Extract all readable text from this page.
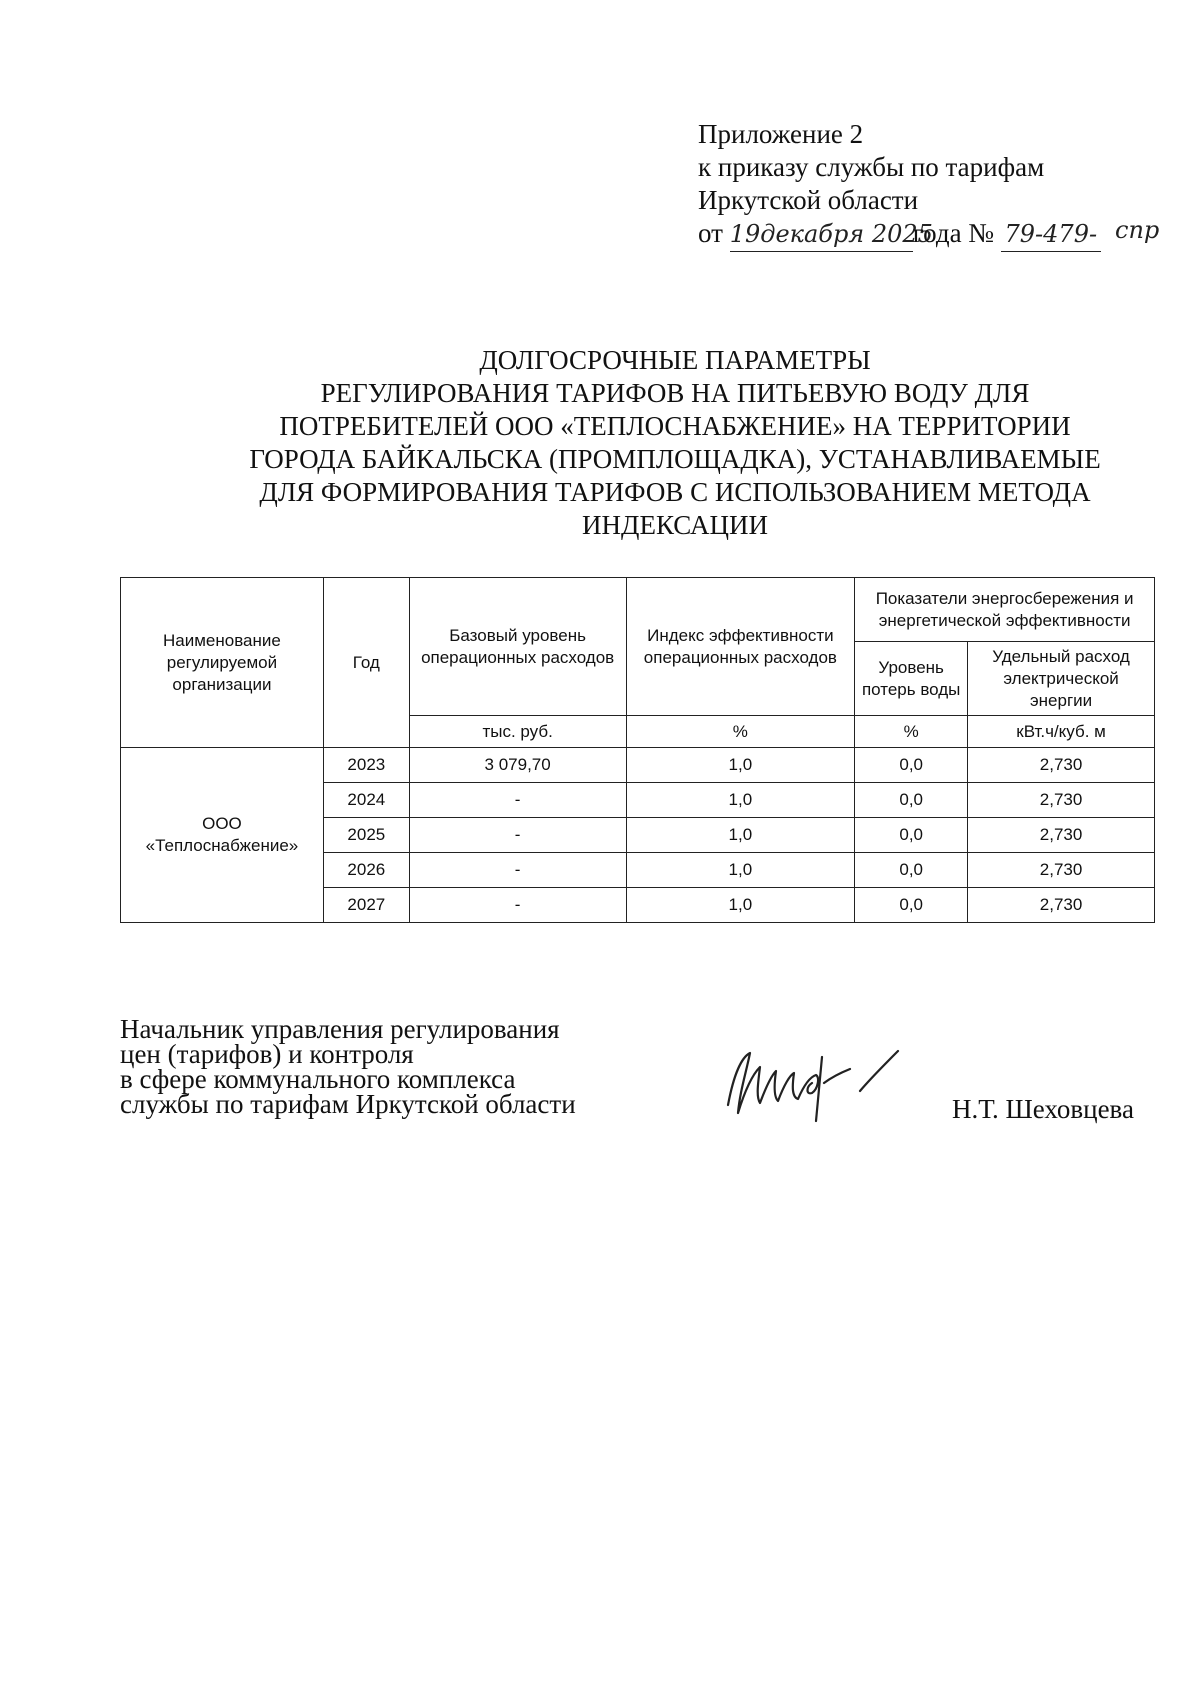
Приложение 2
к приказу службы по тарифам
Иркутской области
от 19декабря 2025года № 79-479- спр
ДОЛГОСРОЧНЫЕ ПАРАМЕТРЫ
РЕГУЛИРОВАНИЯ ТАРИФОВ НА ПИТЬЕВУЮ ВОДУ ДЛЯ
ПОТРЕБИТЕЛЕЙ ООО «ТЕПЛОСНАБЖЕНИЕ» НА ТЕРРИТОРИИ
ГОРОДА БАЙКАЛЬСКА (ПРОМПЛОЩАДКА), УСТАНАВЛИВАЕМЫЕ
ДЛЯ ФОРМИРОВАНИЯ ТАРИФОВ С ИСПОЛЬЗОВАНИЕМ МЕТОДА
ИНДЕКСАЦИИ
Наименование регулируемой организации	Год	Базовый уровень операционных расходов	Индекс эффективности операционных расходов	Показатели энергосбережения и энергетической эффективности	
				Уровень потерь воды	Удельный расход электрической энергии
		тыс. руб.	%	%	кВт.ч/куб. м
ООО «Теплоснабжение»	2023	3 079,70	1,0	0,0	2,730
	2024	-	1,0	0,0	2,730
	2025	-	1,0	0,0	2,730
	2026	-	1,0	0,0	2,730
	2027	-	1,0	0,0	2,730
Начальник управления регулирования
цен (тарифов) и контроля
в сфере коммунального комплекса
службы по тарифам Иркутской области	Н.Т. Шеховцева
